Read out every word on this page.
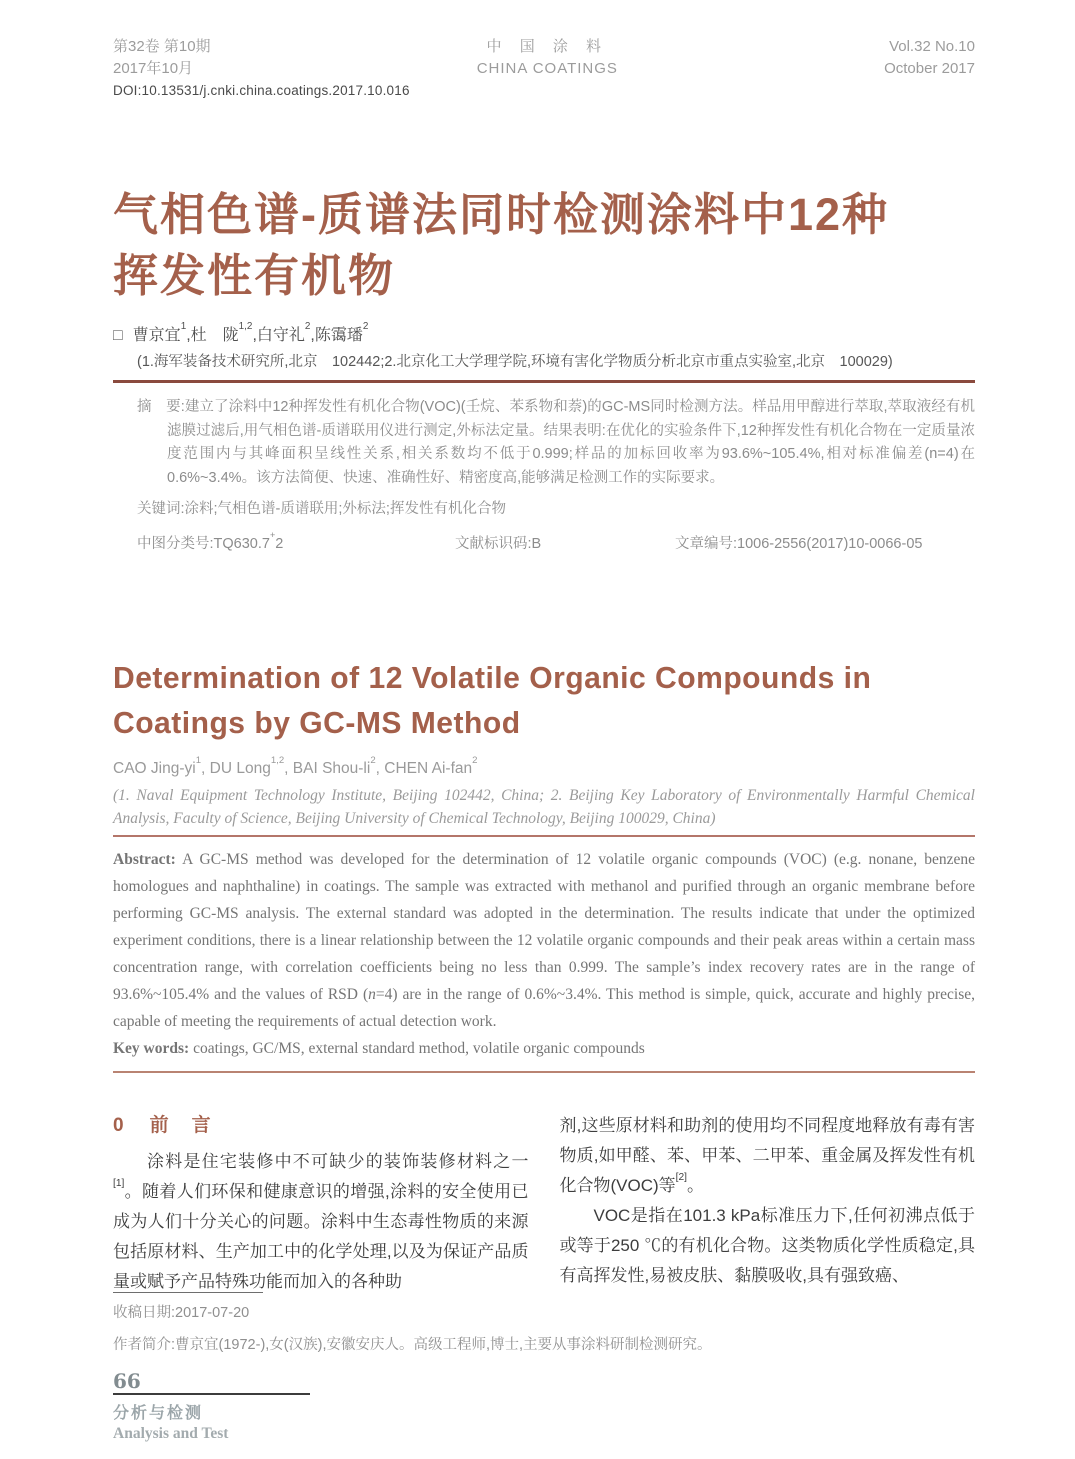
第32卷 第10期
2017年10月
中 国 涂 料
CHINA COATINGS
Vol.32 No.10
October 2017
DOI:10.13531/j.cnki.china.coatings.2017.10.016
气相色谱-质谱法同时检测涂料中12种
挥发性有机物
□ 曹京宜$^1$,杜　陇$^{1,2}$,白守礼$^2$,陈霭璠$^2$
(1.海军装备技术研究所,北京　102442;2.北京化工大学理学院,环境有害化学物质分析北京市重点实验室,北京　100029)
摘　要:建立了涂料中12种挥发性有机化合物(VOC)(壬烷、苯系物和萘)的GC-MS同时检测方法。样品用甲醇进行萃取,萃取液经有机滤膜过滤后,用气相色谱-质谱联用仪进行测定,外标法定量。结果表明:在优化的实验条件下,12种挥发性有机化合物在一定质量浓度范围内与其峰面积呈线性关系,相关系数均不低于0.999;样品的加标回收率为93.6%~105.4%,相对标准偏差(n=4)在0.6%~3.4%。该方法简便、快速、准确性好、精密度高,能够满足检测工作的实际要求。
关键词:涂料;气相色谱-质谱联用;外标法;挥发性有机化合物
中图分类号:TQ630.7+2	文献标识码:B	文章编号:1006-2556(2017)10-0066-05
Determination of 12 Volatile Organic Compounds in
Coatings by GC-MS Method
CAO Jing-$yi^1$, DU Long$^{1,2}$, BAI Shou-$li^2$, CHEN Ai-fan$^2$
(1. Naval Equipment Technology Institute, Beijing 102442, China; 2. Beijing Key Laboratory of Environmentally Harmful Chemical Analysis, Faculty of Science, Beijing University of Chemical Technology, Beijing 100029, China)
Abstract: A GC-MS method was developed for the determination of 12 volatile organic compounds (VOC) (e.g. nonane, benzene homologues and naphthaline) in coatings. The sample was extracted with methanol and purified through an organic membrane before performing GC-MS analysis. The external standard was adopted in the determination. The results indicate that under the optimized experiment conditions, there is a linear relationship between the 12 volatile organic compounds and their peak areas within a certain mass concentration range, with correlation coefficients being no less than 0.999. The sample’s index recovery rates are in the range of 93.6%~105.4% and the values of RSD (n=4) are in the range of 0.6%~3.4%. This method is simple, quick, accurate and highly precise, capable of meeting the requirements of actual detection work.
Key words: coatings, GC/MS, external standard method, volatile organic compounds
0 前　言

涂料是住宅装修中不可缺少的装饰装修材料之一[1]。随着人们环保和健康意识的增强,涂料的安全使用已成为人们十分关心的问题。涂料中生态毒性物质的来源包括原材料、生产加工中的化学处理,以及为保证产品质量或赋予产品特殊功能而加入的各种助

剂,这些原材料和助剂的使用均不同程度地释放有毒有害物质,如甲醛、苯、甲苯、二甲苯、重金属及挥发性有机化合物(VOC)等[2]。

VOC是指在101.3 kPa标准压力下,任何初沸点低于或等于250 ℃的有机化合物。这类物质化学性质稳定,具有高挥发性,易被皮肤、黏膜吸收,具有强致癌、

收稿日期:2017-07-20
作者简介:曹京宜(1972-),女(汉族),安徽安庆人。高级工程师,博士,主要从事涂料研制检测研究。
66
分析与检测
Analysis and Test
